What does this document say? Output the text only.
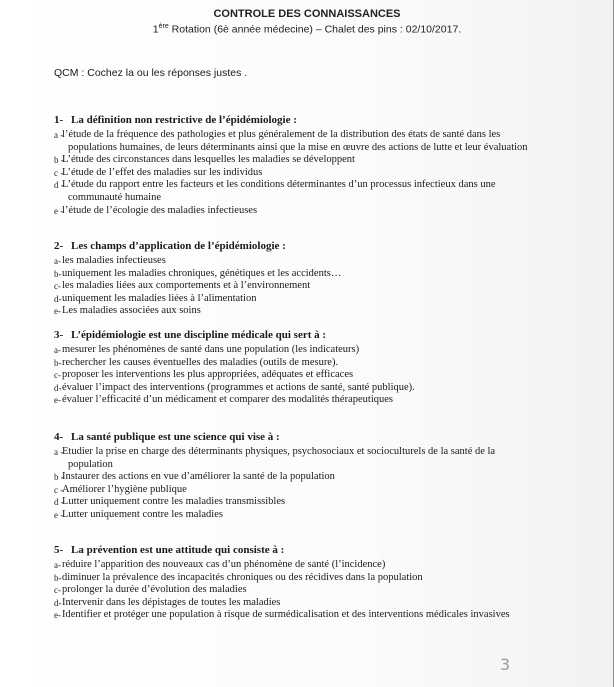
CONTROLE DES CONNAISSANCES
1ère Rotation (6è année médecine) – Chalet des pins : 02/10/2017.
QCM : Cochez la ou les réponses justes .
1- La définition non restrictive de l’épidémiologie :
a -
l’étude de la fréquence des pathologies et plus généralement de la distribution des états de santé dans les
populations humaines, de leurs déterminants ainsi que la mise en œuvre des actions de lutte et leur évaluation
b -
L’étude des circonstances dans lesquelles les maladies se développent
c -
L’étude de l’effet des maladies sur les individus
d -
L’étude du rapport entre les facteurs et les conditions déterminantes d’un processus infectieux dans une
communauté humaine
e -
l’étude de l’écologie des maladies infectieuses
2- Les champs d’application de l’épidémiologie :
a- les maladies infectieuses
b- uniquement les maladies chroniques, génétiques et les accidents…
c- les maladies liées aux comportements et à l’environnement
d- uniquement les maladies liées à l’alimentation
e- Les maladies associées aux soins
3- L’épidémiologie est une discipline médicale qui sert à :
a- mesurer les phénomènes de santé dans une population (les indicateurs)
b- rechercher les causes éventuelles des maladies (outils de mesure).
c- proposer les interventions les plus appropriées, adéquates et efficaces
d- évaluer l’impact des interventions (programmes et actions de santé, santé publique).
e- évaluer l’efficacité d’un médicament et comparer des modalités thérapeutiques
4- La santé publique est une science qui vise à :
a -
Etudier la prise en charge des déterminants physiques, psychosociaux et socioculturels de la santé de la
population
b -
Instaurer des actions en vue d’améliorer la santé de la population
c -
Améliorer l’hygiène publique
d -
Lutter uniquement contre les maladies transmissibles
e -
Lutter uniquement contre les maladies
5- La prévention est une attitude qui consiste à :
a- réduire l’apparition des nouveaux cas d’un phénomène de santé (l’incidence)
b- diminuer la prévalence des incapacités chroniques ou des récidives dans la population
c- prolonger la durée d’évolution des maladies
d- Intervenir dans les dépistages de toutes les maladies
e- Identifier et protéger une population à risque de surmédicalisation et des interventions médicales invasives
3
